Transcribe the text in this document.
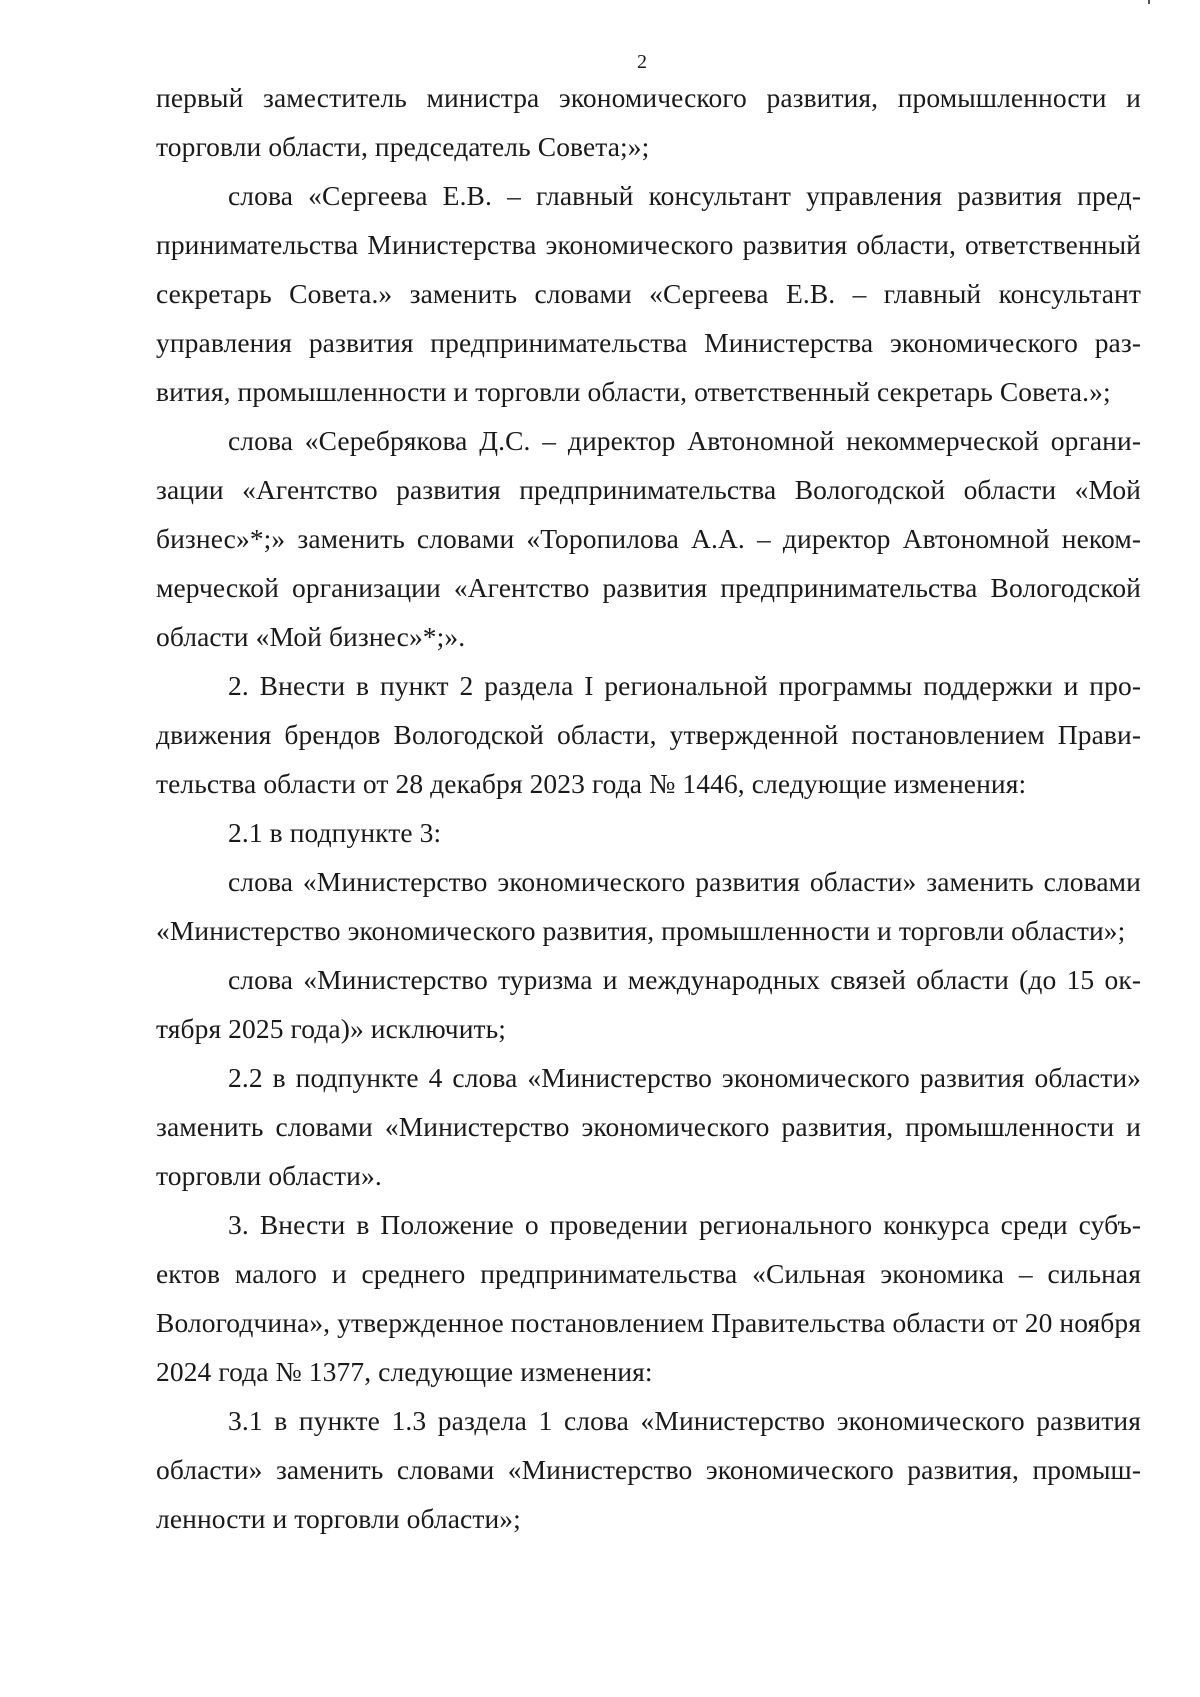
2

первый заместитель министра экономического развития, промышленности и торговли области, председатель Совета;»;

слова «Сергеева Е.В. – главный консультант управления развития предпринимательства Министерства экономического развития области, ответственный секретарь Совета.» заменить словами «Сергеева Е.В. – главный консультант управления развития предпринимательства Министерства экономического развития, промышленности и торговли области, ответственный секретарь Совета.»;

слова «Серебрякова Д.С. – директор Автономной некоммерческой организации «Агентство развития предпринимательства Вологодской области «Мой бизнес»*;» заменить словами «Торопилова А.А. – директор Автономной некоммерческой организации «Агентство развития предпринимательства Вологодской области «Мой бизнес»*;».

2. Внести в пункт 2 раздела I региональной программы поддержки и продвижения брендов Вологодской области, утвержденной постановлением Правительства области от 28 декабря 2023 года № 1446, следующие изменения:

2.1 в подпункте 3:

слова «Министерство экономического развития области» заменить словами «Министерство экономического развития, промышленности и торговли области»;

слова «Министерство туризма и международных связей области (до 15 октября 2025 года)» исключить;

2.2 в подпункте 4 слова «Министерство экономического развития области» заменить словами «Министерство экономического развития, промышленности и торговли области».

3. Внести в Положение о проведении регионального конкурса среди субъектов малого и среднего предпринимательства «Сильная экономика – сильная Вологодчина», утвержденное постановлением Правительства области от 20 ноября 2024 года № 1377, следующие изменения:

3.1 в пункте 1.3 раздела 1 слова «Министерство экономического развития области» заменить словами «Министерство экономического развития, промышленности и торговли области»;
